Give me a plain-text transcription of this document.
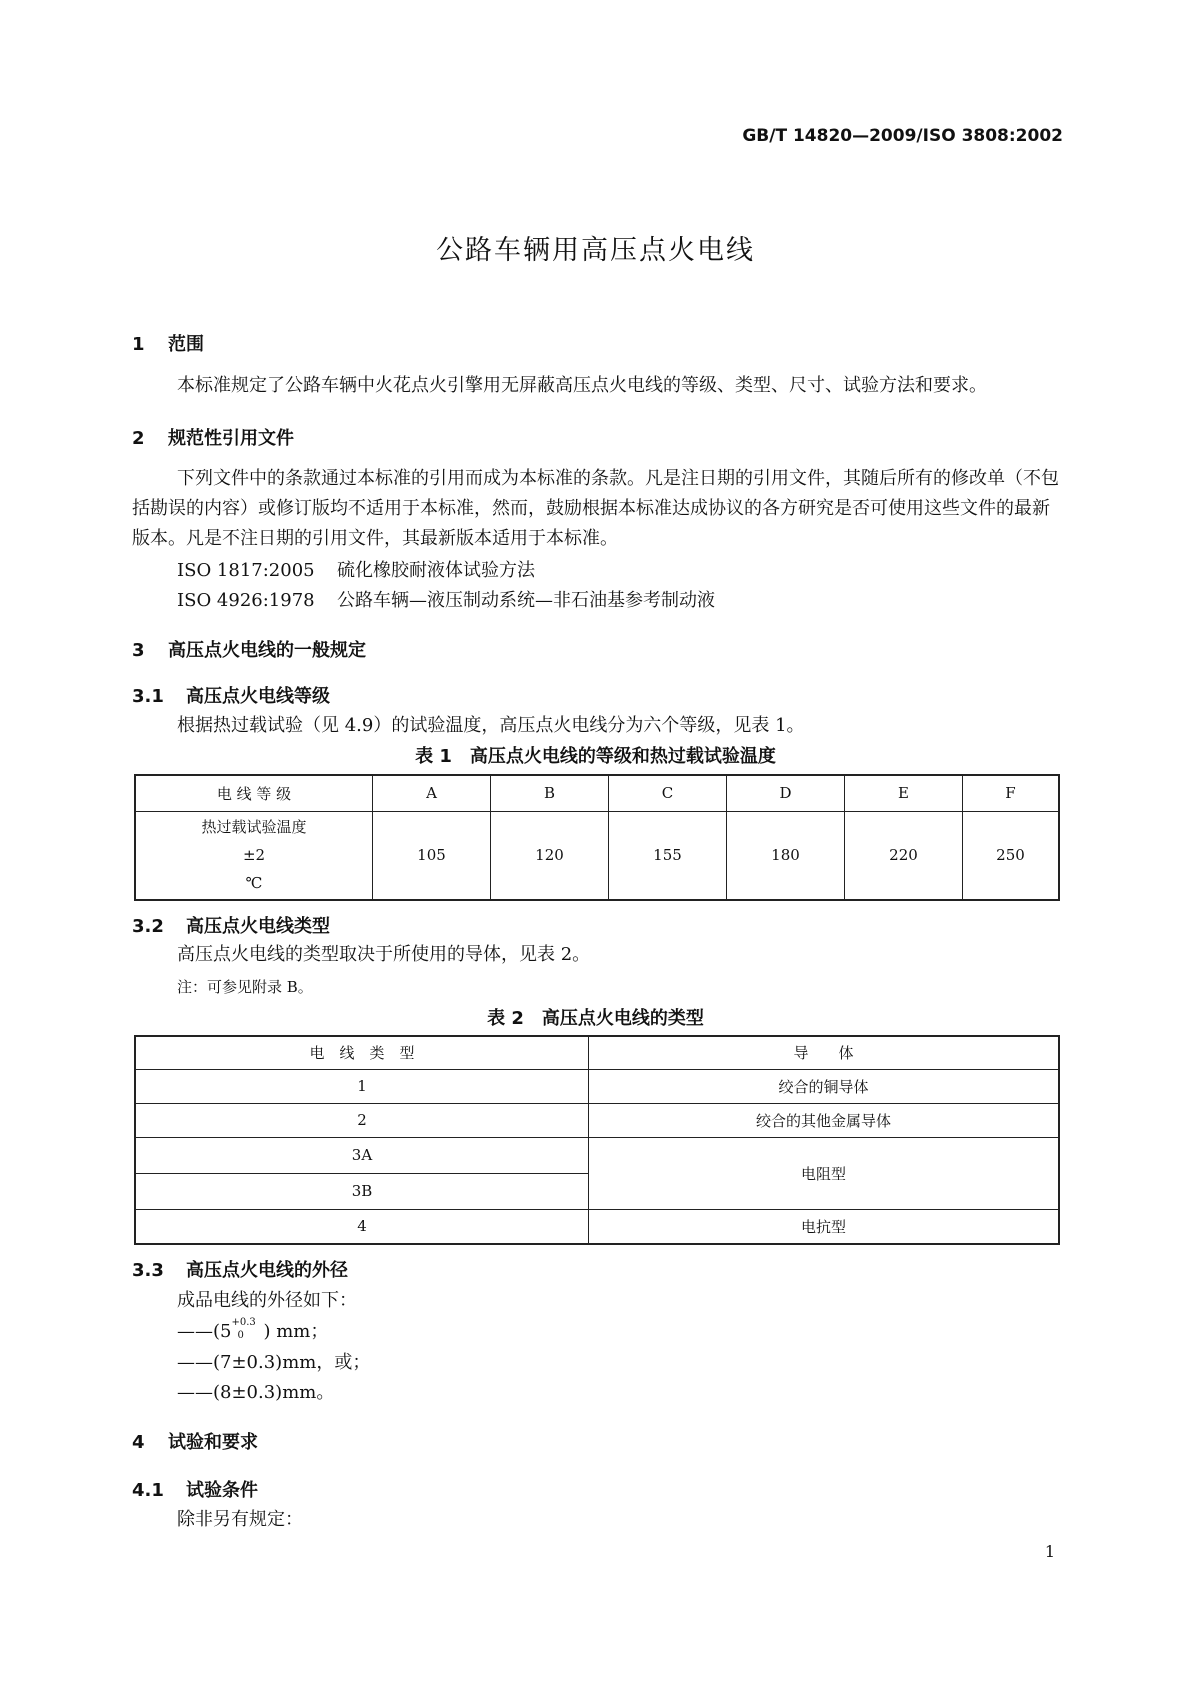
GB/T 14820—2009/ISO 3808:2002
公路车辆用高压点火电线
1 范围
本标准规定了公路车辆中火花点火引擎用无屏蔽高压点火电线的等级、类型、尺寸、试验方法和要求。
2 规范性引用文件
下列文件中的条款通过本标准的引用而成为本标准的条款。凡是注日期的引用文件，其随后所有的修改单（不包括勘误的内容）或修订版均不适用于本标准，然而，鼓励根据本标准达成协议的各方研究是否可使用这些文件的最新版本。凡是不注日期的引用文件，其最新版本适用于本标准。
ISO 1817:2005 硫化橡胶耐液体试验方法
ISO 4926:1978 公路车辆—液压制动系统—非石油基参考制动液
3 高压点火电线的一般规定
3.1 高压点火电线等级
根据热过载试验（见 4.9）的试验温度，高压点火电线分为六个等级，见表 1。
表 1　高压点火电线的等级和热过载试验温度
电 线 等 级	A	B	C	D	E	F

热过载试验温度
±2
℃	105	120	155	180	220	250
3.2 高压点火电线类型
高压点火电线的类型取决于所使用的导体，见表 2。
注：可参见附录 B。
表 2　高压点火电线的类型
电　线　类　型	导　　体
1	绞合的铜导体
2	绞合的其他金属导体
3A	电阻型
3B	
4	电抗型
3.3 高压点火电线的外径
成品电线的外径如下：
——(5 +0.3
0 ) mm；
——(7±0.3)mm，或；
——(8±0.3)mm。
4 试验和要求
4.1 试验条件
除非另有规定：
1
